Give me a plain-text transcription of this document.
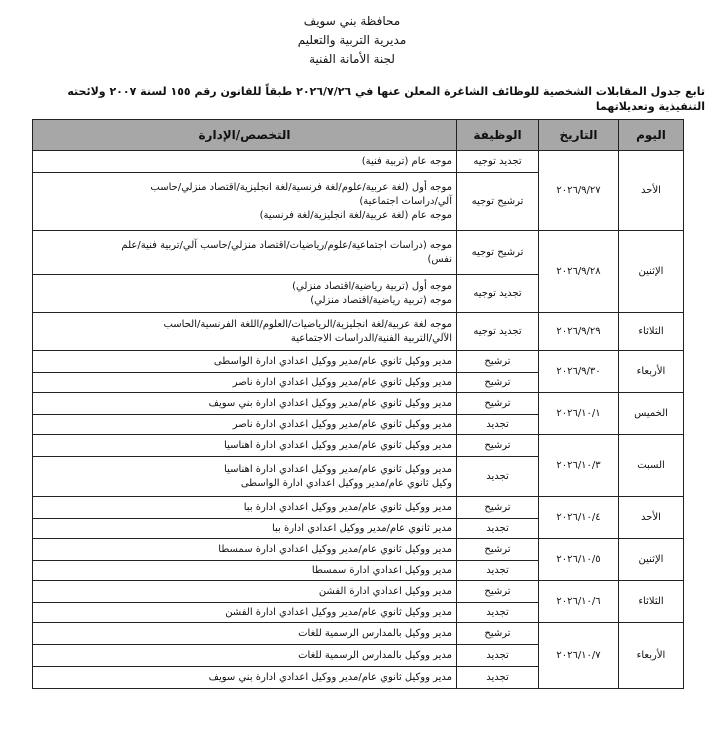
محافظة بني سويف
مديرية التربية والتعليم
لجنة الأمانة الفنية
تابع جدول المقابلات الشخصية للوظائف الشاغرة المعلن عنها في ٢٠٢٦/٧/٢٦ طبقاً للقانون رقم ١٥٥ لسنة ٢٠٠٧ ولائحته التنفيذية وتعديلاتهما
اليوم	التاريخ	الوظيفة	التخصص/الإدارة
الأحد	٢٠٢٦/٩/٢٧	تجديد توجيه	موجه عام (تربية فنية)

		ترشيح توجيه	موجه أول (لغة عربية/علوم/لغة فرنسية/لغة انجليزية/اقتصاد منزلي/حاسب
آلي/دراسات اجتماعية)
موجه عام (لغة عربية/لغة انجليزية/لغة فرنسية)

الإثنين	٢٠٢٦/٩/٢٨	ترشيح توجيه	موجه (دراسات اجتماعية/علوم/رياضيات/اقتصاد منزلي/حاسب آلي/تربية فنية/علم
نفس)

		تجديد توجيه	موجه أول (تربية رياضية/اقتصاد منزلي)
موجه (تربية رياضية/اقتصاد منزلي)

الثلاثاء	٢٠٢٦/٩/٢٩	تجديد توجيه	موجه لغة عربية/لغة انجليزية/الرياضيات/العلوم/اللغة الفرنسية/الحاسب
الآلي/التربية الفنية/الدراسات الاجتماعية

الأربعاء	٢٠٢٦/٩/٣٠	ترشيح	مدير ووكيل ثانوي عام/مدير ووكيل اعدادي ادارة الواسطى

		ترشيح	مدير ووكيل ثانوي عام/مدير ووكيل اعدادي ادارة ناصر

الخميس	٢٠٢٦/١٠/١	ترشيح	مدير ووكيل ثانوي عام/مدير ووكيل اعدادي ادارة بني سويف

		تجديد	مدير ووكيل ثانوي عام/مدير ووكيل اعدادي ادارة ناصر

السبت	٢٠٢٦/١٠/٣	ترشيح	مدير ووكيل ثانوي عام/مدير ووكيل اعدادي ادارة اهناسيا

		تجديد	مدير ووكيل ثانوي عام/مدير ووكيل اعدادي ادارة اهناسيا
وكيل ثانوي عام/مدير ووكيل اعدادي ادارة الواسطى

الأحد	٢٠٢٦/١٠/٤	ترشيح	مدير ووكيل ثانوي عام/مدير ووكيل اعدادي ادارة ببا

		تجديد	مدير ثانوي عام/مدير ووكيل اعدادي ادارة ببا

الإثنين	٢٠٢٦/١٠/٥	ترشيح	مدير ووكيل ثانوي عام/مدير ووكيل اعدادي ادارة سمسطا

		تجديد	مدير ووكيل اعدادي ادارة سمسطا

الثلاثاء	٢٠٢٦/١٠/٦	ترشيح	مدير ووكيل اعدادي ادارة الفشن

		تجديد	مدير ووكيل ثانوي عام/مدير ووكيل اعدادي ادارة الفشن

الأربعاء	٢٠٢٦/١٠/٧	ترشيح	مدير ووكيل بالمدارس الرسمية للغات

		تجديد	مدير ووكيل بالمدارس الرسمية للغات

		تجديد	مدير ووكيل ثانوي عام/مدير ووكيل اعدادي ادارة بني سويف
